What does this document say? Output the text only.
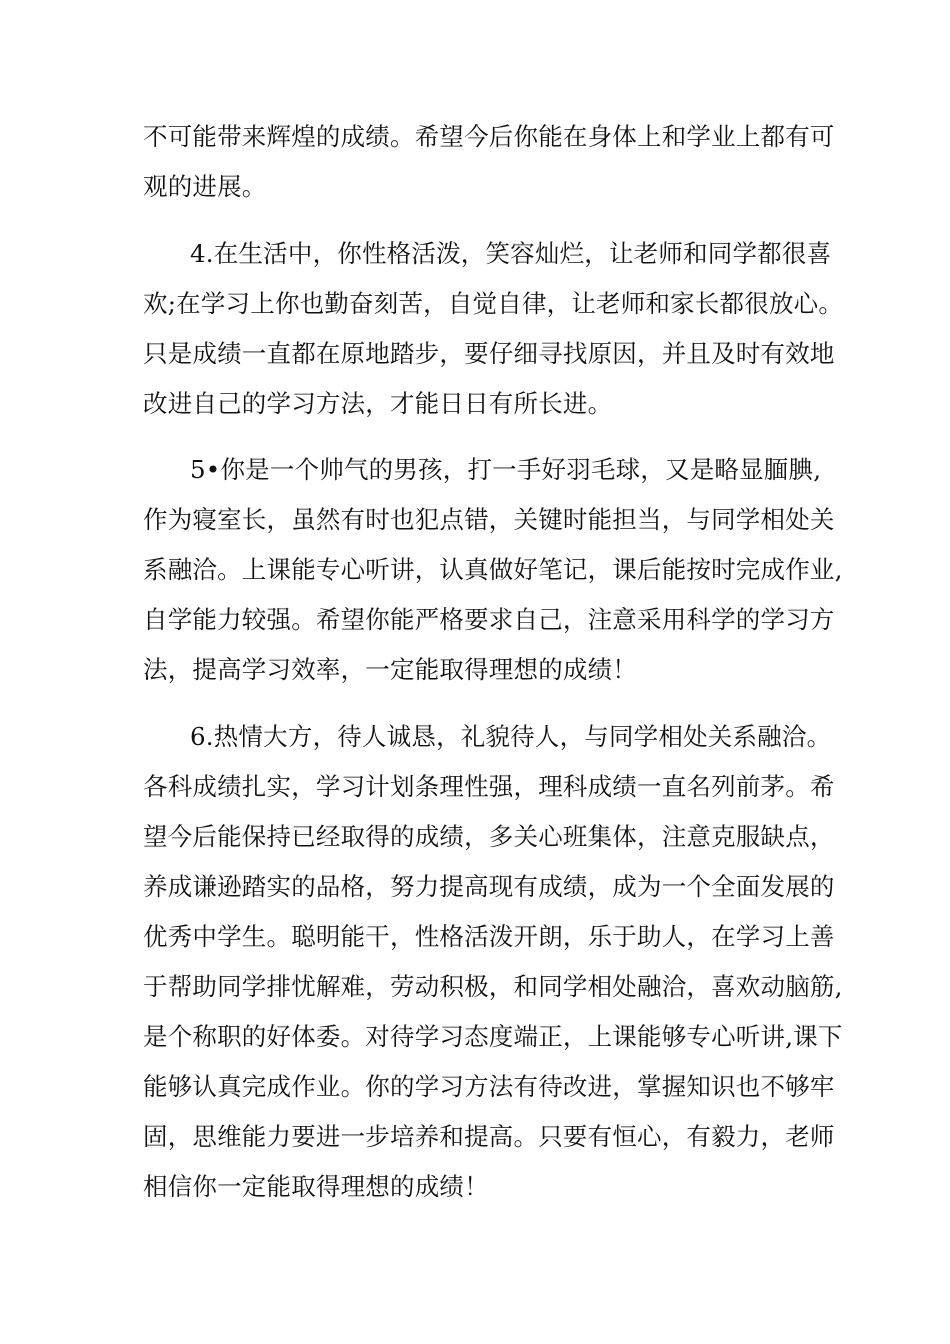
不可能带来辉煌的成绩。希望今后你能在身体上和学业上都有可
观的进展。
4.在生活中，你性格活泼，笑容灿烂，让老师和同学都很喜
欢;在学习上你也勤奋刻苦，自觉自律，让老师和家长都很放心。
只是成绩一直都在原地踏步，要仔细寻找原因，并且及时有效地
改进自己的学习方法，才能日日有所长进。
5•你是一个帅气的男孩，打一手好羽毛球，又是略显腼腆,
作为寝室长，虽然有时也犯点错，关键时能担当，与同学相处关
系融洽。上课能专心听讲，认真做好笔记，课后能按时完成作业,
自学能力较强。希望你能严格要求自己，注意采用科学的学习方
法，提高学习效率，一定能取得理想的成绩！
6.热情大方，待人诚恳，礼貌待人，与同学相处关系融洽。
各科成绩扎实，学习计划条理性强，理科成绩一直名列前茅。希
望今后能保持已经取得的成绩，多关心班集体，注意克服缺点，
养成谦逊踏实的品格，努力提高现有成绩，成为一个全面发展的
优秀中学生。聪明能干，性格活泼开朗，乐于助人，在学习上善
于帮助同学排忧解难，劳动积极，和同学相处融洽，喜欢动脑筋,
是个称职的好体委。对待学习态度端正，上课能够专心听讲,课下
能够认真完成作业。你的学习方法有待改进，掌握知识也不够牢
固，思维能力要进一步培养和提高。只要有恒心，有毅力，老师
相信你一定能取得理想的成绩！
